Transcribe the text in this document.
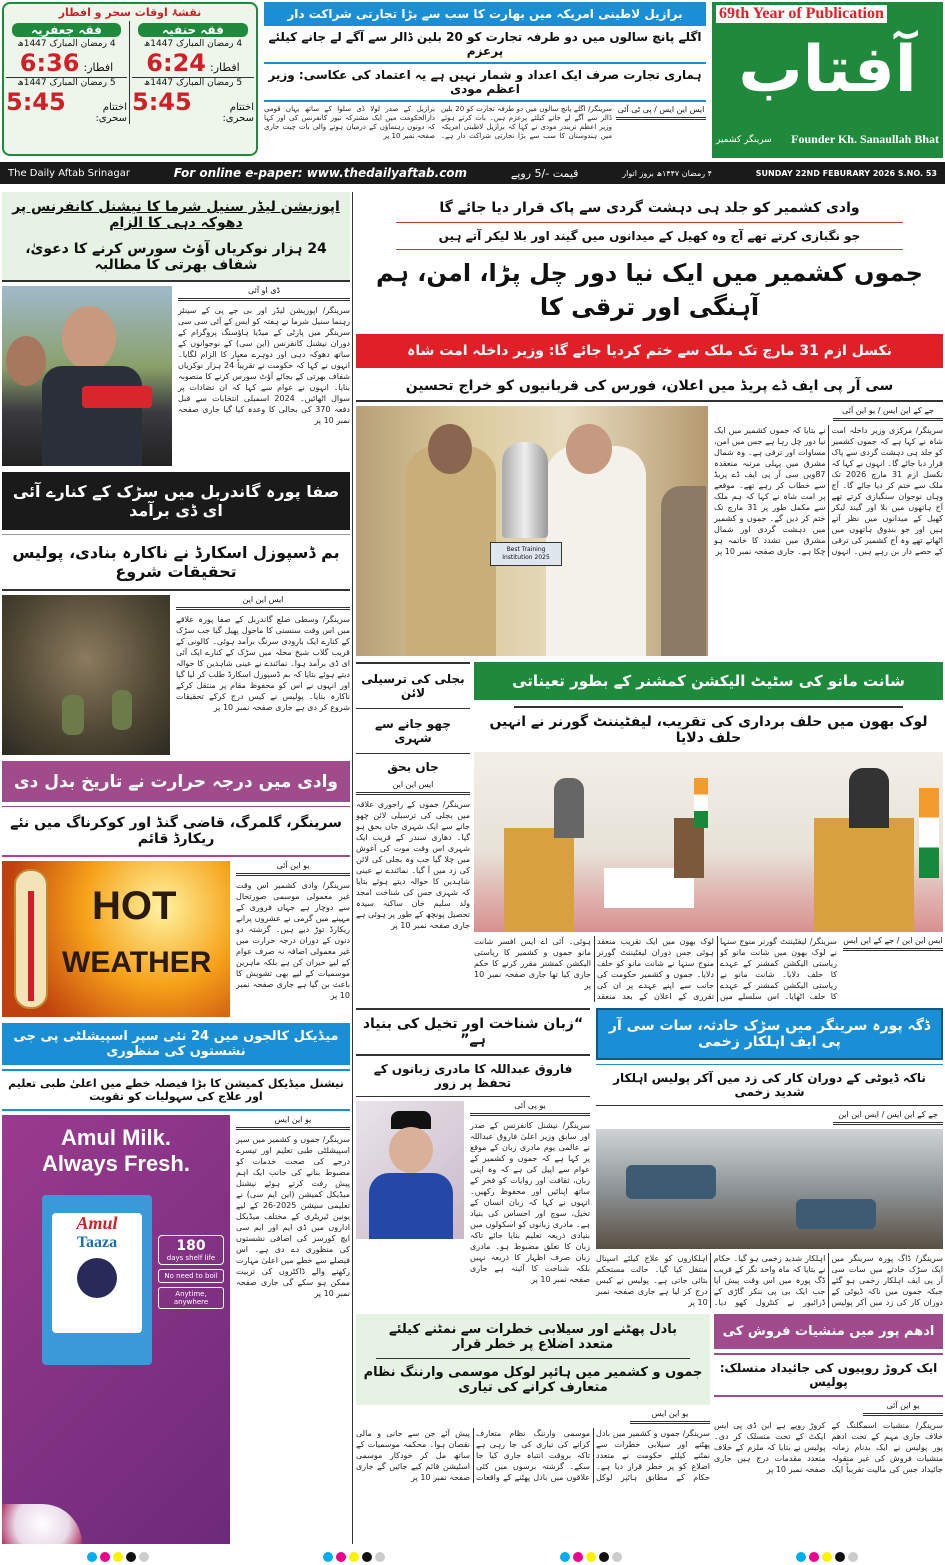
نقشۂ اوقات سحر و افطار
فقہ حنفیہ
4 رمضان المبارک 1447ھ
افطار:
6:24
5 رمضان المبارک 1447ھ
اختتام سحری:
5:45
فقہ جعفریہ
4 رمضان المبارک 1447ھ
افطار:
6:36
5 رمضان المبارک 1447ھ
اختتام سحری:
5:45
برازیل لاطینی امریکہ میں بھارت کا سب سے بڑا تجارتی شراکت دار
اگلے پانچ سالوں میں دو طرفہ تجارت کو 20 بلین ڈالر سے آگے لے جانے کیلئے پرعزم
ہماری تجارت صرف ایک اعداد و شمار نہیں ہے یہ اعتماد کی عکاسی: وزیر اعظم مودی
ایس این ایس / پی ٹی آئی
سرینگر/ اگلے پانچ سالوں میں دو طرفہ تجارت کو 20 بلین ڈالر سے آگے لے جانے کیلئے پرعزم ہیں۔ بات کرتے ہوئے وزیر اعظم نریندر مودی نے کہا کہ برازیل لاطینی امریکہ میں ہندوستان کا سب سے بڑا تجارتی شراکت دار ہے۔ برازیل کے صدر لولا ڈی سلوا کے ساتھ یہاں قومی دارالحکومت میں ایک مشترکہ نیوز کانفرنس کی اور کہا کہ دونوں رہنماؤں کے درمیان ہونے والی بات چیت جاری صفحہ نمبر 10 پر
69th Year of Publication
آفتاب
سرینگر کشمیر Founder Kh. Sanaullah Bhat
The Daily Aftab Srinagar	For online e-paper: www.thedailyaftab.com	قیمت -/5 روپے	۴ رمضان ۱۴۴۷ھ بروز اتوار	SUNDAY 22ND FEBURARY 2026 S.NO. 53
اپوزیشن لیڈر سنیل شرما کا نیشنل کانفرنس پر دھوکہ دہی کا الزام
24 ہزار نوکریاں آؤٹ سورس کرنے کا دعویٰ، شفاف بھرتی کا مطالبہ
ڈی او آئی
سرینگر/ اپوزیشن لیڈر اور بی جے پی کے سینئر رہنما سنیل شرما نے ہفتہ کو ایس کے آئی سی سی سرینگر میں پارٹی کے میڈیا ہاؤسنگ پروگرام کے دوران نیشنل کانفرنس (این سی) کے نوجوانوں کے ساتھ دھوکہ دہی اور دوہرے معیار کا الزام لگایا۔ انہوں نے کہا کہ حکومت نے تقریباً 24 ہزار نوکریاں شفاف بھرتی کے بجائے آؤٹ سورس کرنے کا منصوبہ بنایا۔ انہوں نے عوام سے کہا کہ ان تضادات پر سوال اٹھائیں۔ 2024 اسمبلی انتخابات سے قبل دفعہ 370 کی بحالی کا وعدہ کیا گیا جاری صفحہ نمبر 10 پر
صفا پورہ گاندربل میں سڑک کے کنارے آئی ای ڈی برآمد
بم ڈسپوزل اسکارڈ نے ناکارہ بنادی، پولیس تحقیقات شروع
ایس این این
سرینگر/ وسطی ضلع گاندربل کے صفا پورہ علاقے میں اس وقت سنسنی کا ماحول پھیل گیا جب سڑک کے کنارے ایک بارودی سرنگ برآمد ہوئی۔ کالونی کے قریب گلاب شیخ محلہ میں سڑک کے کنارے ایک آئی ای ڈی برآمد ہوا۔ نمائندے نے عینی شاہدین کا حوالہ دیتے ہوئے بتایا کہ بم ڈسپوزل اسکارڈ طلب کر لیا گیا اور انہوں نے اس کو محفوظ مقام پر منتقل کرکے ناکارہ بنایا۔ پولیس نے کیس درج کرکے تحقیقات شروع کر دی ہے جاری صفحہ نمبر 10 پر
وادی میں درجہ حرارت نے تاریخ بدل دی
سرینگر، گلمرگ، قاضی گنڈ اور کوکرناگ میں نئے ریکارڈ قائم
یو این آئی
سرینگر/ وادی کشمیر اس وقت غیر معمولی موسمی صورتحال سے دوچار ہے جہاں فروری کے مہینے میں گرمی نے عشروں پرانے ریکارڈ توڑ دیے ہیں۔ گزشتہ دو دنوں کے دوران درجہ حرارت میں غیر معمولی اضافہ نہ صرف عوام کے لیے حیران کن ہے بلکہ ماہرین موسمیات کے لیے بھی تشویش کا باعث بن گیا ہے جاری صفحہ نمبر 10 پر
HOT
WEATHER
میڈیکل کالجوں میں 24 نئی سپر اسپیشلٹی پی جی نشستوں کی منظوری
نیشنل میڈیکل کمیشن کا بڑا فیصلہ خطے میں اعلیٰ طبی تعلیم اور علاج کی سہولیات کو تقویت
یو این ایس
سرینگر/ جموں و کشمیر میں سپر اسپیشلٹی طبی تعلیم اور تیسرے درجے کی صحت خدمات کو مضبوط بنانے کی جانب ایک اہم پیش رفت کرتے ہوئے نیشنل میڈیکل کمیشن (این ایم سی) نے تعلیمی سیشن 2025-26 کے لیے یونین ٹیریٹری کے مختلف میڈیکل اداروں میں ڈی ایم اور ایم سی ایچ کورسز کی اضافی نشستوں کی منظوری دے دی ہے۔ اس فیصلے سے خطے میں اعلیٰ مہارت رکھنے والے ڈاکٹروں کی تربیت ممکن ہو سکے گی جاری صفحہ نمبر 10 پر
Amul Milk.
Always Fresh.
Amul
Taaza	180
days shelf life
No need to boil
Anytime, anywhere
وادی کشمیر کو جلد ہی دہشت گردی سے پاک قرار دیا جائے گا
جو نگبازی کرتے تھے آج وہ کھیل کے میدانوں میں گیند اور بلا لیکر آتے ہیں
جموں کشمیر میں ایک نیا دور چل پڑا، امن، ہم آہنگی اور ترقی کا
نکسل ازم 31 مارچ تک ملک سے ختم کردیا جائے گا: وزیر داخلہ امت شاہ
سی آر پی ایف ڈے پریڈ میں اعلان، فورس کی قربانیوں کو خراج تحسین
جے کے این ایس / یو این آئی
سرینگر/ مرکزی وزیر داخلہ امت شاہ نے کہا ہے کہ جموں کشمیر کو جلد ہی دہشت گردی سے پاک قرار دیا جائے گا۔ انہوں نے کہا کہ نکسل ازم 31 مارچ 2026 تک ملک سے ختم کر دیا جائے گا۔ آج وہاں نوجوان سنگبازی کرتے تھے آج ہاتھوں میں بلا اور گیند لیکر کھیل کے میدانوں میں نظر آتے ہیں اور جو بندوق ہاتھوں میں اٹھاتے تھے وہ آج کشمیر کی ترقی کے حصے دار بن رہے ہیں۔ انہوں نے بتایا کہ جموں کشمیر میں ایک نیا دور چل رہا ہے جس میں امن، مساوات اور ترقی ہے۔ وہ شمال مشرق میں پہلی مرتبہ منعقدہ 87ویں سی آر پی ایف ڈے پریڈ سے خطاب کر رہے تھے۔ موقعے پر امت شاہ نے کہا کہ ہم ملک سے مکمل طور پر 31 مارچ تک ختم کر دیں گے۔ جموں و کشمیر میں دہشت گردی اور شمال مشرق میں تشدد کا خاتمہ ہو چکا ہے۔ جاری صفحہ نمبر 10 پر
Best Training Institution 2025
شانت مانو کی سٹیٹ الیکشن کمشنر کے بطور تعیناتی
لوک بھون میں حلف برداری کی تقریب، لیفٹیننٹ گورنر نے انہیں حلف دلایا
ایس این این / جے کے این ایس
سرینگر/ لیفٹیننٹ گورنر منوج سنہا نے لوک بھون میں شانت مانو کو ریاستی الیکشن کمشنر کے عہدے کا حلف دلایا۔ شانت مانو نے ریاستی الیکشن کمشنر کے عہدے کا حلف اٹھایا۔ اس سلسلے میں لوک بھون میں ایک تقریب منعقد ہوئی جس دوران لیفٹیننٹ گورنر منوج سنہا نے شانت مانو کو حلف دلایا۔ جموں و کشمیر حکومت کی جانب سے اپنے عہدے پر ان کی تقرری کے اعلان کے بعد منعقد ہوئی۔ آئی اے ایس افسر شانت مانو جموں و کشمیر کا ریاستی الیکشن کمشنر مقرر کرنے کا حکم جاری کیا تھا جاری صفحہ نمبر 10 پر
بجلی کی ترسیلی لائن
چھو جانے سے شہری
جاں بحق
ایس این این
سرینگر/ جموں کے راجوری علاقہ میں بجلی کی ترسیلی لائن چھو جانے سے ایک شہری جاں بحق ہو گیا۔ دھاری سندر کے قریب ایک شہری اس وقت موت کی آغوش میں چلا گیا جب وہ بجلی کی لائن کی زد میں آ گیا۔ نمائندے نے عینی شاہدین کا حوالہ دیتے ہوئے بتایا کہ شہری جس کی شناخت امجد ولد سلیم خان ساکنہ سیدہ تحصیل پونچھ کے طور پر ہوئی ہے جاری صفحہ نمبر 10 پر
ڈگہ پورہ سرینگر میں سڑک حادثہ، سات سی آر پی ایف اہلکار زخمی
ناکہ ڈیوٹی کے دوران کار کی زد میں آکر پولیس اہلکار شدید زخمی
جے کے این ایس / ایس این این
سرینگر/ ڈاگ پورہ سرینگر میں ایک سڑک حادثے میں سات سی آر پی ایف اہلکار زخمی ہو گئے جبکہ جموں میں ناکہ ڈیوٹی کے دوران کار کی زد میں آکر پولیس اہلکار شدید زخمی ہو گیا۔ حکام نے بتایا کہ ماہ واحد نگر کے قریب ڈگ پورہ میں اس وقت پیش آیا جب ایک بی پی بنکر گاڑی کے ڈرائیور نے کنٹرول کھو دیا۔ اہلکاروں کو علاج کیلئے اسپتال منتقل کیا گیا۔ حالت مستحکم بتائی جاتی ہے۔ پولیس نے کیس درج کر لیا ہے جاری صفحہ نمبر 10 پر
“زبان شناخت اور تخیل کی بنیاد ہے”
فاروق عبداللہ کا مادری زبانوں کے تحفظ پر زور
یو پی آئی
سرینگر/ نیشنل کانفرنس کے صدر اور سابق وزیر اعلیٰ فاروق عبداللہ نے عالمی یوم مادری زبان کے موقع پر کہا ہے کہ جموں و کشمیر کے عوام سے اپیل کی ہے کہ وہ اپنی زبان، ثقافت اور روایات کو فخر کے ساتھ اپنائیں اور محفوظ رکھیں۔ انہوں نے کہا کہ زبان انسان کے تخیل، سوچ اور احساس کی بنیاد ہے۔ مادری زبانوں کو اسکولوں میں بنیادی ذریعہ تعلیم بنایا جائے تاکہ زبان کا تعلق مضبوط ہو۔ مادری زبان صرف اظہار کا ذریعہ نہیں بلکہ شناخت کا آئینہ ہے جاری صفحہ نمبر 10 پر
ادھم پور میں منشیات فروش کی
ایک کروڑ روپیوں کی جائیداد منسلک: پولیس
یو این آئی
سرینگر/ منشیات اسمگلنگ کے خلاف جاری مہم کے تحت ادھم پور پولیس نے ایک بدنام زمانہ منشیات فروش کی غیر منقولہ جائیداد جس کی مالیت تقریباً ایک کروڑ روپے ہے این ڈی پی ایس ایکٹ کے تحت منسلک کر دی۔ پولیس نے بتایا کہ ملزم کے خلاف متعدد مقدمات درج ہیں جاری صفحہ نمبر 10 پر
بادل پھٹنے اور سیلابی خطرات سے نمٹنے کیلئے متعدد اضلاع پر خطر قرار
جموں و کشمیر میں ہائپر لوکل موسمی وارننگ نظام متعارف کرانے کی تیاری
یو این ایس
سرینگر/ جموں و کشمیر میں بادل پھٹنے اور سیلابی خطرات سے نمٹنے کیلئے حکومت نے متعدد اضلاع کو پر خطر قرار دیا ہے۔ حکام کے مطابق ہائپر لوکل موسمی وارننگ نظام متعارف کرانے کی تیاری کی جا رہی ہے تاکہ بروقت انتباہ جاری کیا جا سکے۔ گزشتہ برسوں میں کئی علاقوں میں بادل پھٹنے کے واقعات پیش آئے جن سے جانی و مالی نقصان ہوا۔ محکمہ موسمیات کے ساتھ مل کر خودکار موسمی اسٹیشن قائم کیے جائیں گے جاری صفحہ نمبر 10 پر
